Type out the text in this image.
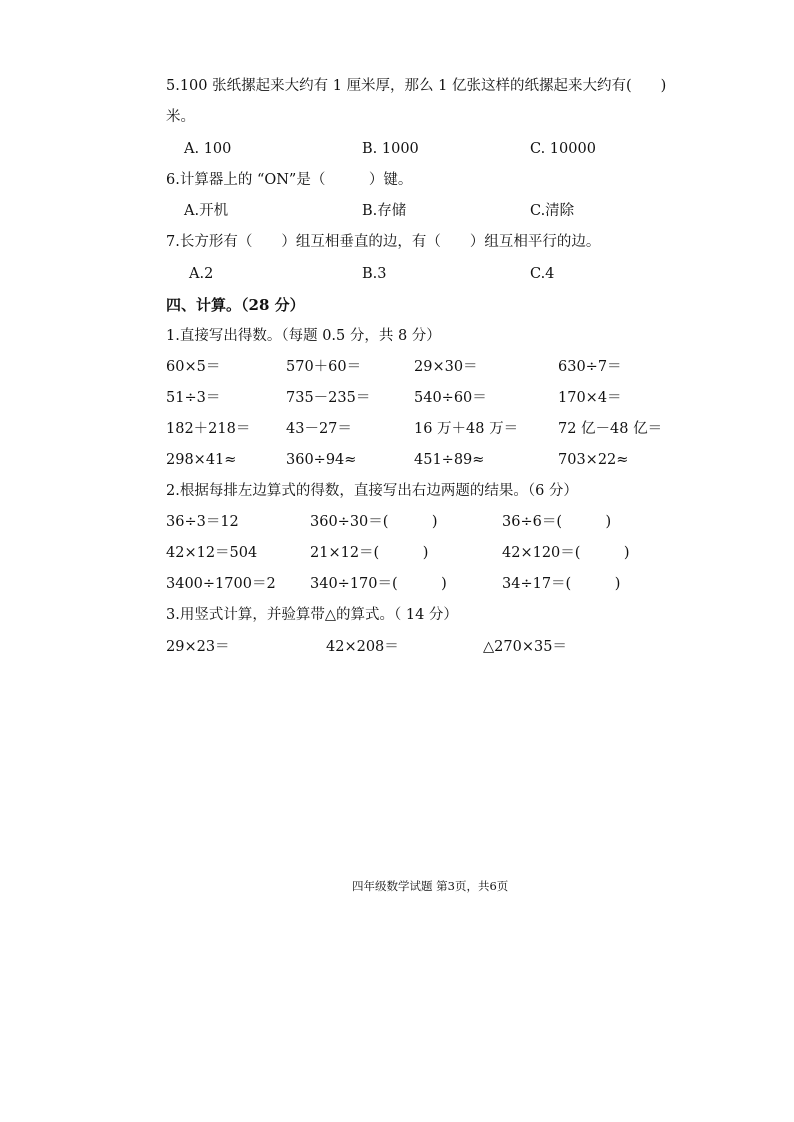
5.100 张纸摞起来大约有 1 厘米厚，那么 1 亿张这样的纸摞起来大约有(　　)
米。
A. 100	B. 1000	C. 10000
6.计算器上的 “ON”是（　　　）键。
A.开机	B.存储	C.清除
7.长方形有（　　）组互相垂直的边，有（　　）组互相平行的边。
A.2	B.3	C.4
四、计算。（28 分）
1.直接写出得数。（每题 0.5 分，共 8 分）
60×5＝	570＋60＝	29×30＝	630÷7＝
51÷3＝	735－235＝	540÷60＝	170×4＝
182＋218＝ 43－27＝	16 万＋48 万＝	72 亿－48 亿＝
298×41≈	360÷94≈	451÷89≈	703×22≈
2.根据每排左边算式的得数，直接写出右边两题的结果。（6 分）
36÷3＝12	360÷30＝(　　　)	36÷6＝(　　　)
42×12＝504	21×12＝(　　　)	42×120＝(　　　)
3400÷1700＝2 340÷170＝(　　　)	34÷17＝(　　　)
3.用竖式计算，并验算带△的算式。（ 14 分）
29×23＝	42×208＝	△270×35＝
四年级数学试题 第3页，共6页
